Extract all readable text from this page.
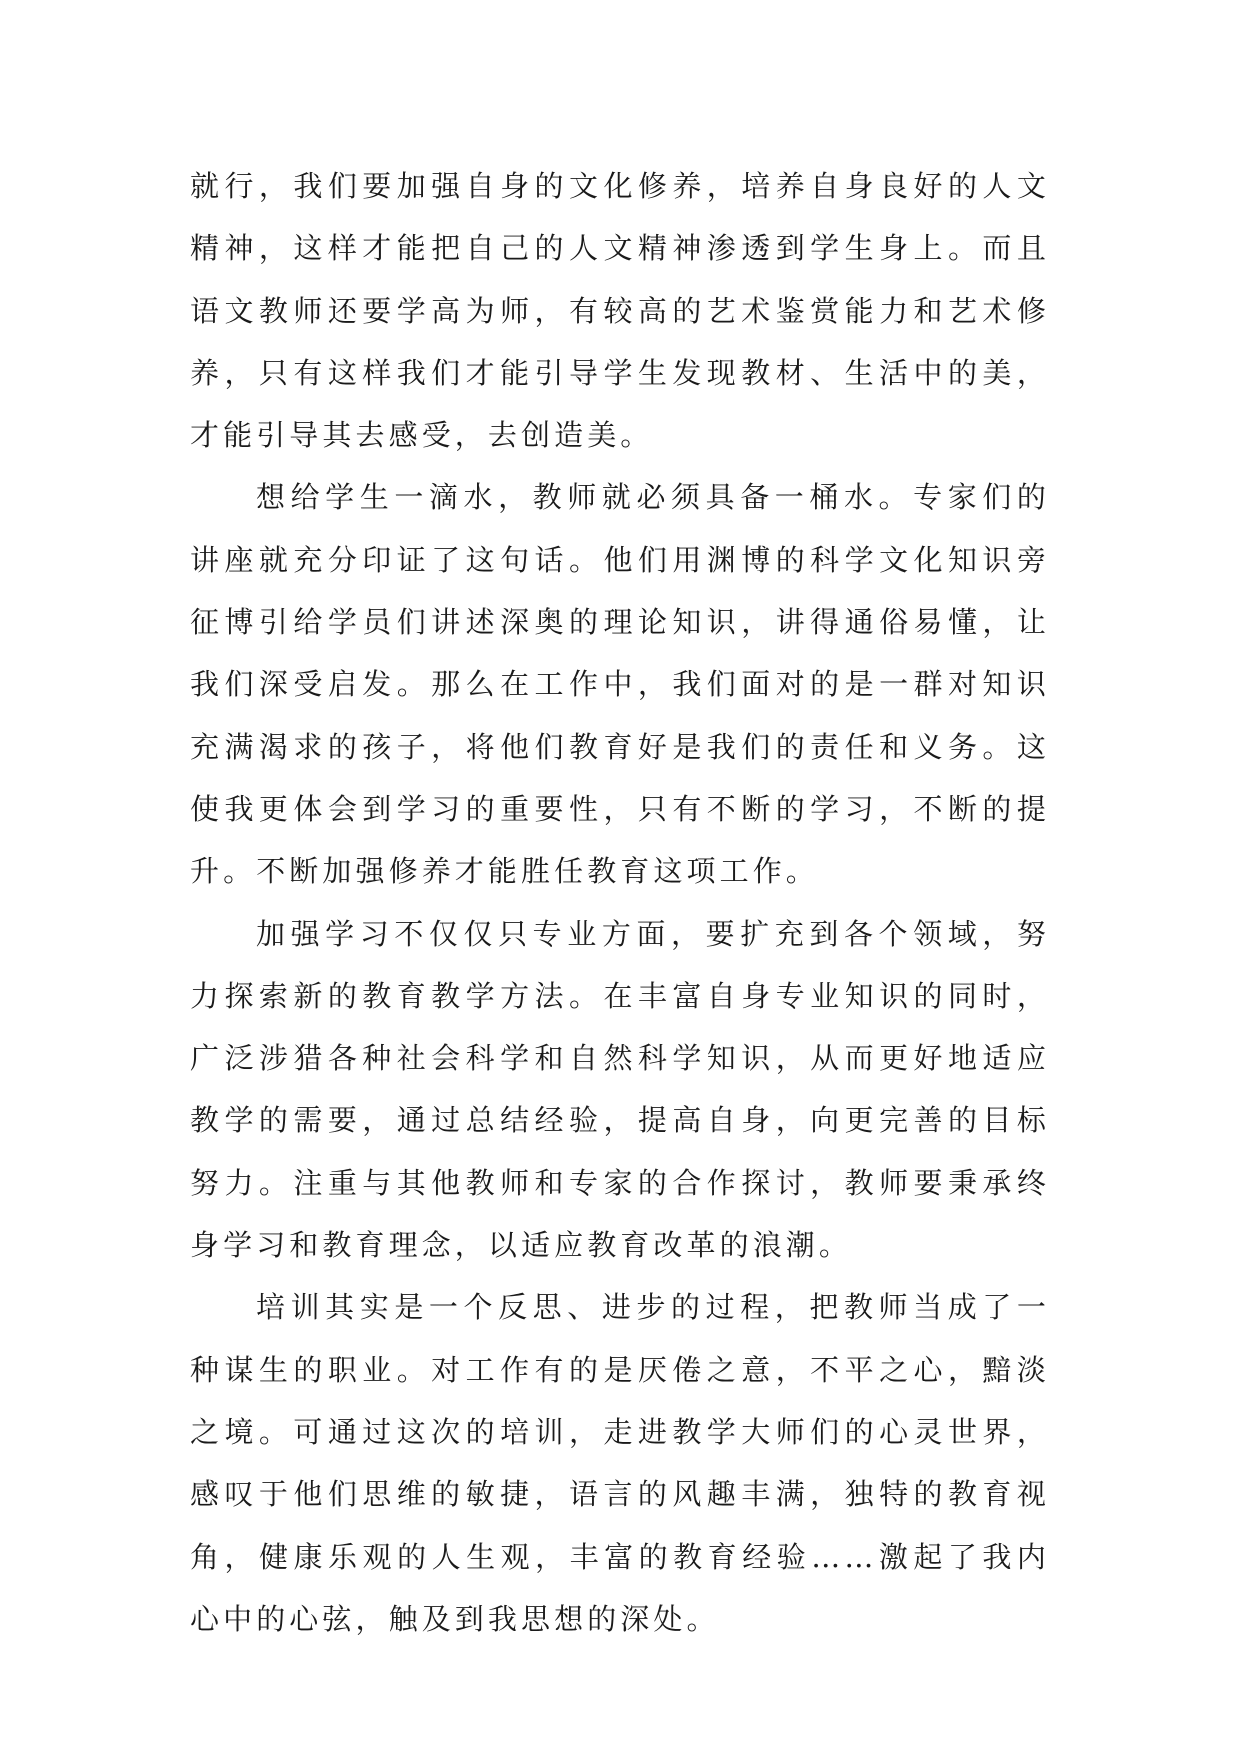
就行，我们要加强自身的文化修养，培养自身良好的人文精神，这样才能把自己的人文精神渗透到学生身上。而且语文教师还要学高为师，有较高的艺术鉴赏能力和艺术修养，只有这样我们才能引导学生发现教材、生活中的美，才能引导其去感受，去创造美。

想给学生一滴水，教师就必须具备一桶水。专家们的讲座就充分印证了这句话。他们用渊博的科学文化知识旁征博引给学员们讲述深奥的理论知识，讲得通俗易懂，让我们深受启发。那么在工作中，我们面对的是一群对知识充满渴求的孩子，将他们教育好是我们的责任和义务。这使我更体会到学习的重要性，只有不断的学习，不断的提升。不断加强修养才能胜任教育这项工作。

加强学习不仅仅只专业方面，要扩充到各个领域，努力探索新的教育教学方法。在丰富自身专业知识的同时，广泛涉猎各种社会科学和自然科学知识，从而更好地适应教学的需要，通过总结经验，提高自身，向更完善的目标努力。注重与其他教师和专家的合作探讨，教师要秉承终身学习和教育理念，以适应教育改革的浪潮。

培训其实是一个反思、进步的过程，把教师当成了一种谋生的职业。对工作有的是厌倦之意，不平之心，黯淡之境。可通过这次的培训，走进教学大师们的心灵世界，感叹于他们思维的敏捷，语言的风趣丰满，独特的教育视角，健康乐观的人生观，丰富的教育经验……激起了我内心中的心弦，触及到我思想的深处。
